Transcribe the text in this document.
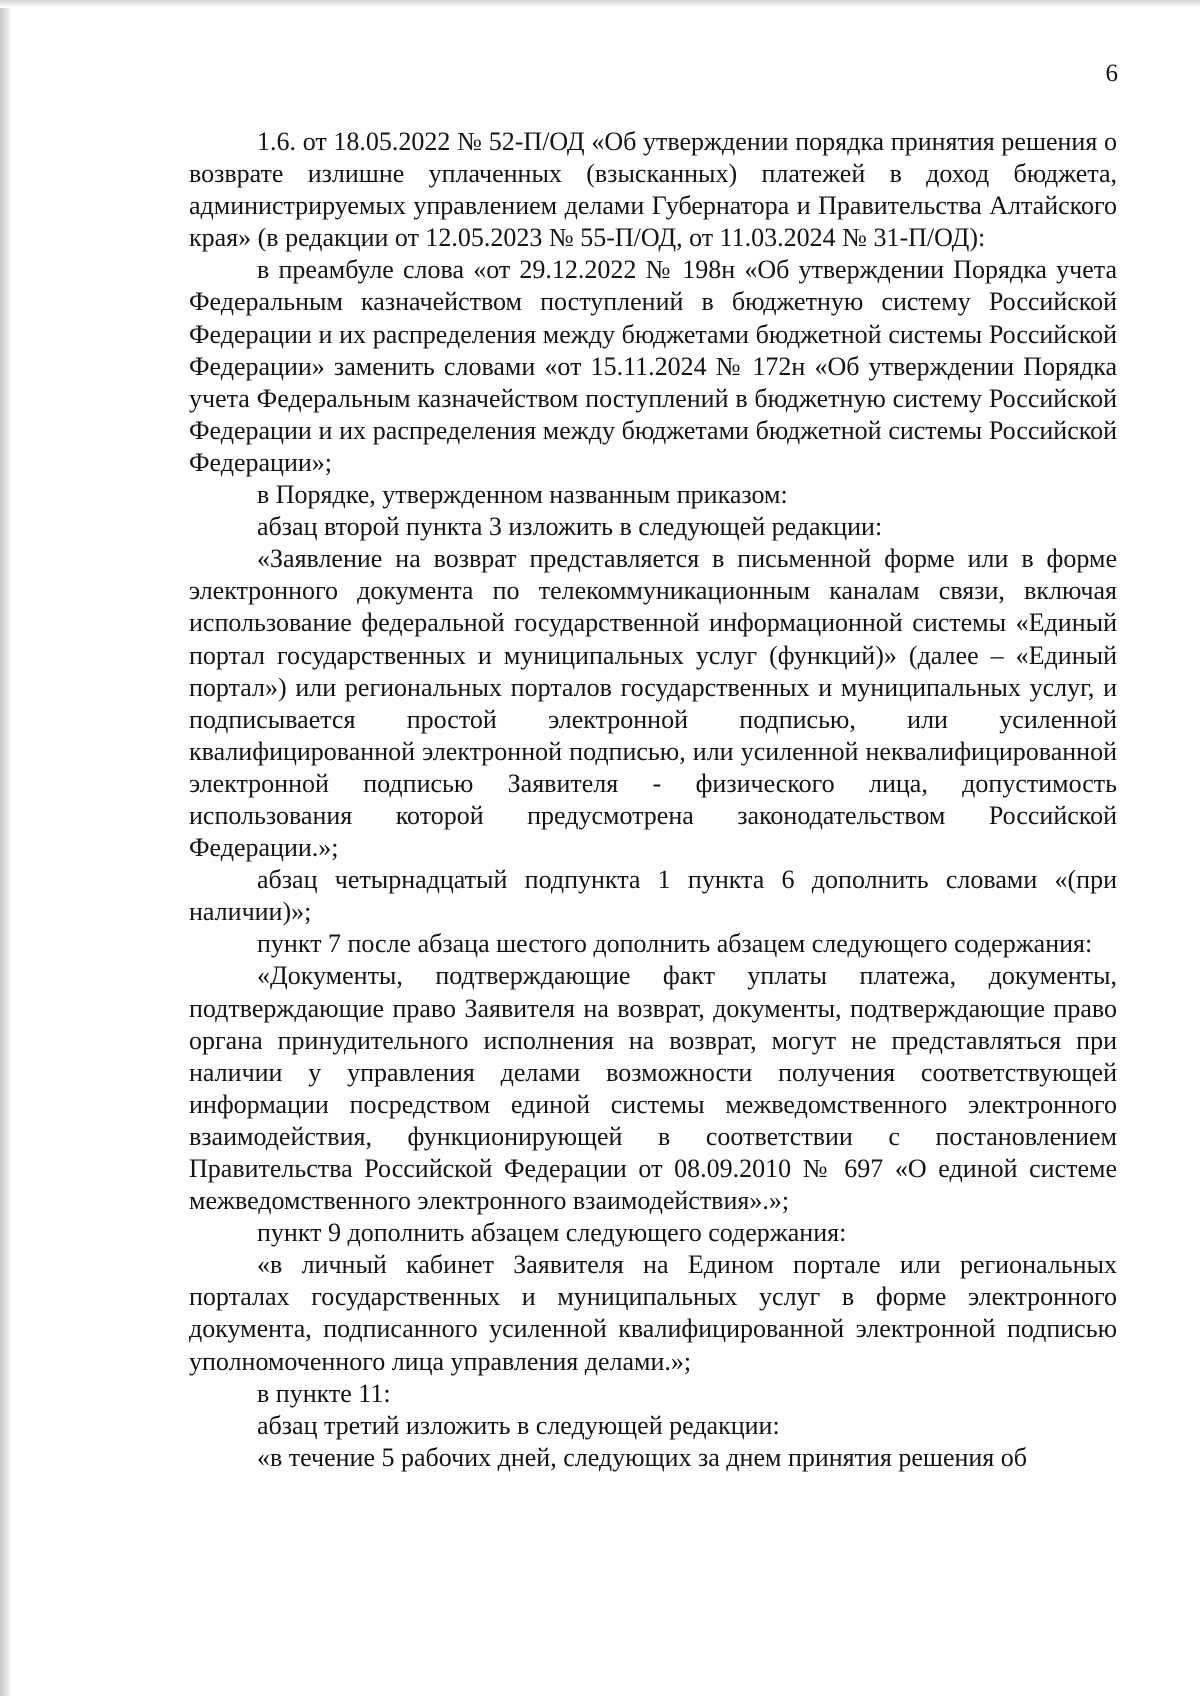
6

1.6. от 18.05.2022 № 52-П/ОД «Об утверждении порядка принятия решения о возврате излишне уплаченных (взысканных) платежей в доход бюджета, администрируемых управлением делами Губернатора и Правительства Алтайского края» (в редакции от 12.05.2023 № 55-П/ОД, от 11.03.2024 № 31-П/ОД):

в преамбуле слова «от 29.12.2022 № 198н «Об утверждении Порядка учета Федеральным казначейством поступлений в бюджетную систему Российской Федерации и их распределения между бюджетами бюджетной системы Российской Федерации» заменить словами «от 15.11.2024 № 172н «Об утверждении Порядка учета Федеральным казначейством поступлений в бюджетную систему Российской Федерации и их распределения между бюджетами бюджетной системы Российской Федерации»;

в Порядке, утвержденном названным приказом:

абзац второй пункта 3 изложить в следующей редакции:

«Заявление на возврат представляется в письменной форме или в форме электронного документа по телекоммуникационным каналам связи, включая использование федеральной государственной информационной системы «Единый портал государственных и муниципальных услуг (функций)» (далее – «Единый портал») или региональных порталов государственных и муниципальных услуг, и подписывается простой электронной подписью, или усиленной квалифицированной электронной подписью, или усиленной неквалифицированной электронной подписью Заявителя - физического лица, допустимость использования которой предусмотрена законодательством Российской Федерации.»;

абзац четырнадцатый подпункта 1 пункта 6 дополнить словами «(при наличии)»;

пункт 7 после абзаца шестого дополнить абзацем следующего содержания:

«Документы, подтверждающие факт уплаты платежа, документы, подтверждающие право Заявителя на возврат, документы, подтверждающие право органа принудительного исполнения на возврат, могут не представляться при наличии у управления делами возможности получения соответствующей информации посредством единой системы межведомственного электронного взаимодействия, функционирующей в соответствии с постановлением Правительства Российской Федерации от 08.09.2010 № 697 «О единой системе межведомственного электронного взаимодействия».»;

пункт 9 дополнить абзацем следующего содержания:

«в личный кабинет Заявителя на Едином портале или региональных порталах государственных и муниципальных услуг в форме электронного документа, подписанного усиленной квалифицированной электронной подписью уполномоченного лица управления делами.»;

в пункте 11:

абзац третий изложить в следующей редакции:

«в течение 5 рабочих дней, следующих за днем принятия решения об
